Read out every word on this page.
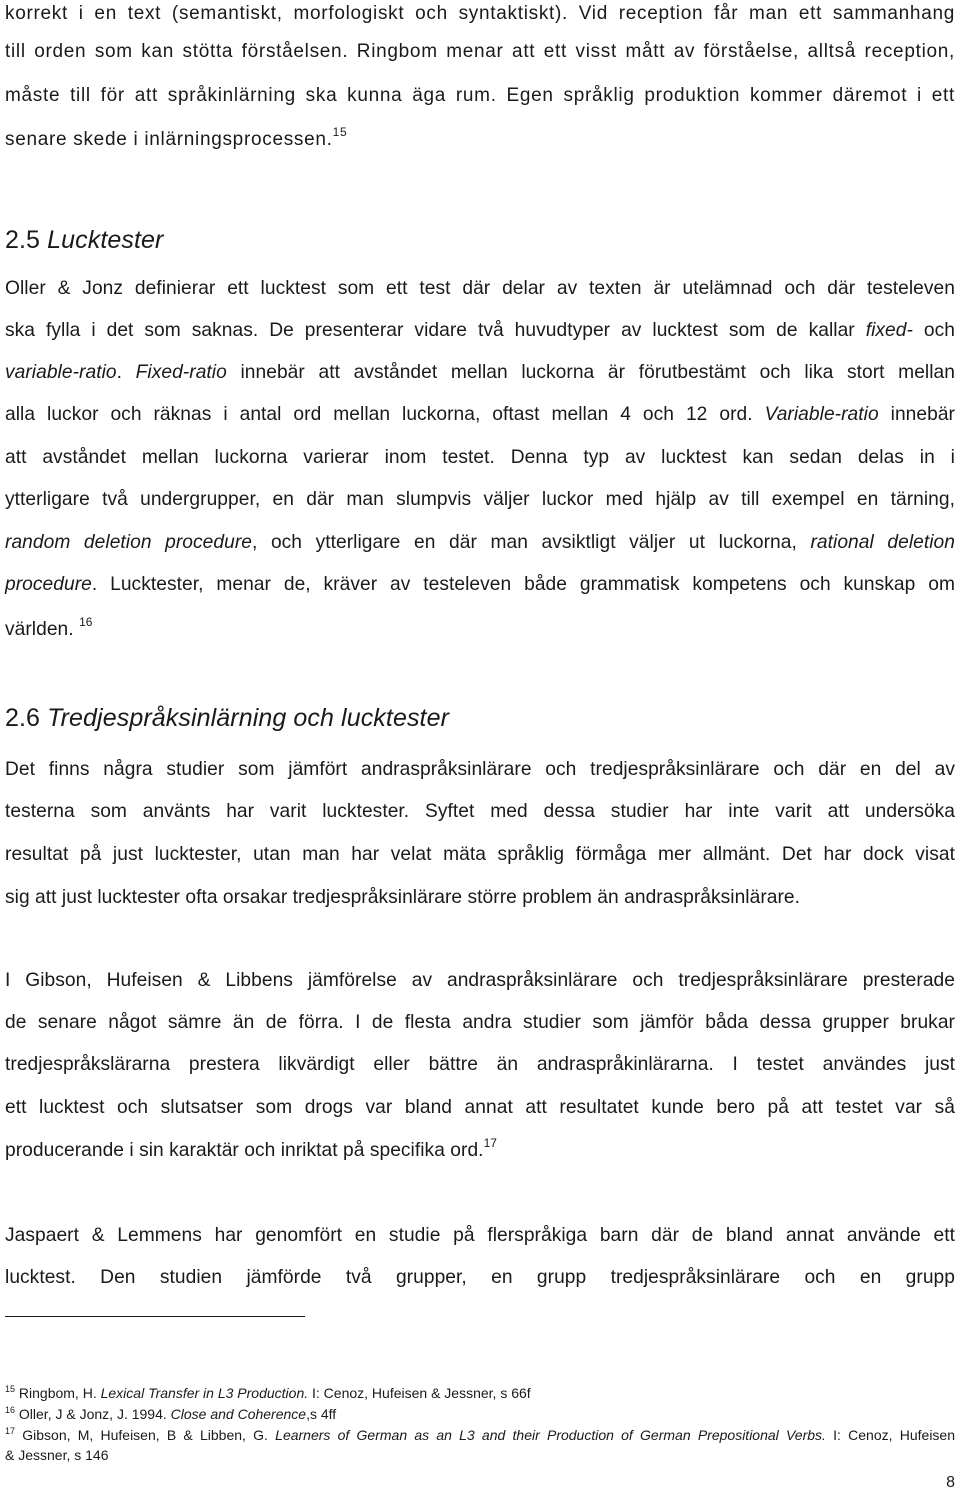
korrekt i en text (semantiskt, morfologiskt och syntaktiskt). Vid reception får man ett sammanhang

till orden som kan stötta förståelsen. Ringbom menar att ett visst mått av förståelse, alltså reception,

måste till för att språkinlärning ska kunna äga rum. Egen språklig produktion kommer däremot i ett

senare skede i inlärningsprocessen.$^{15}$

2.5 Lucktester

Oller & Jonz definierar ett lucktest som ett test där delar av texten är utelämnad och där testeleven

ska fylla i det som saknas. De presenterar vidare två huvudtyper av lucktest som de kallar fixed- och

variable-ratio. Fixed-ratio innebär att avståndet mellan luckorna är förutbestämt och lika stort mellan

alla luckor och räknas i antal ord mellan luckorna, oftast mellan 4 och 12 ord. Variable-ratio innebär

att avståndet mellan luckorna varierar inom testet. Denna typ av lucktest kan sedan delas in i

ytterligare två undergrupper, en där man slumpvis väljer luckor med hjälp av till exempel en tärning,

random deletion procedure, och ytterligare en där man avsiktligt väljer ut luckorna, rational deletion

procedure. Lucktester, menar de, kräver av testeleven både grammatisk kompetens och kunskap om

världen. $^{16}$

2.6 Tredjespråksinlärning och lucktester

Det finns några studier som jämfört andraspråksinlärare och tredjespråksinlärare och där en del av

testerna som använts har varit lucktester. Syftet med dessa studier har inte varit att undersöka

resultat på just lucktester, utan man har velat mäta språklig förmåga mer allmänt. Det har dock visat

sig att just lucktester ofta orsakar tredjespråksinlärare större problem än andraspråksinlärare.

I Gibson, Hufeisen & Libbens jämförelse av andraspråksinlärare och tredjespråksinlärare presterade

de senare något sämre än de förra. I de flesta andra studier som jämför båda dessa grupper brukar

tredjespråkslärarna prestera likvärdigt eller bättre än andraspråkinlärarna. I testet användes just

ett lucktest och slutsatser som drogs var bland annat att resultatet kunde bero på att testet var så

producerande i sin karaktär och inriktat på specifika ord.$^{17}$

Jaspaert & Lemmens har genomfört en studie på flerspråkiga barn där de bland annat använde ett

lucktest. Den studien jämförde två grupper, en grupp tredjespråksinlärare och en grupp

$^{15}$ Ringbom, H. Lexical Transfer in L3 Production. I: Cenoz, Hufeisen & Jessner, s 66f

$^{16}$ Oller, J & Jonz, J. 1994. Close and Coherence,s 4ff

$^{17}$ Gibson, M, Hufeisen, B & Libben, G. Learners of German as an L3 and their Production of German Prepositional Verbs. I: Cenoz, Hufeisen

& Jessner, s 146

8
